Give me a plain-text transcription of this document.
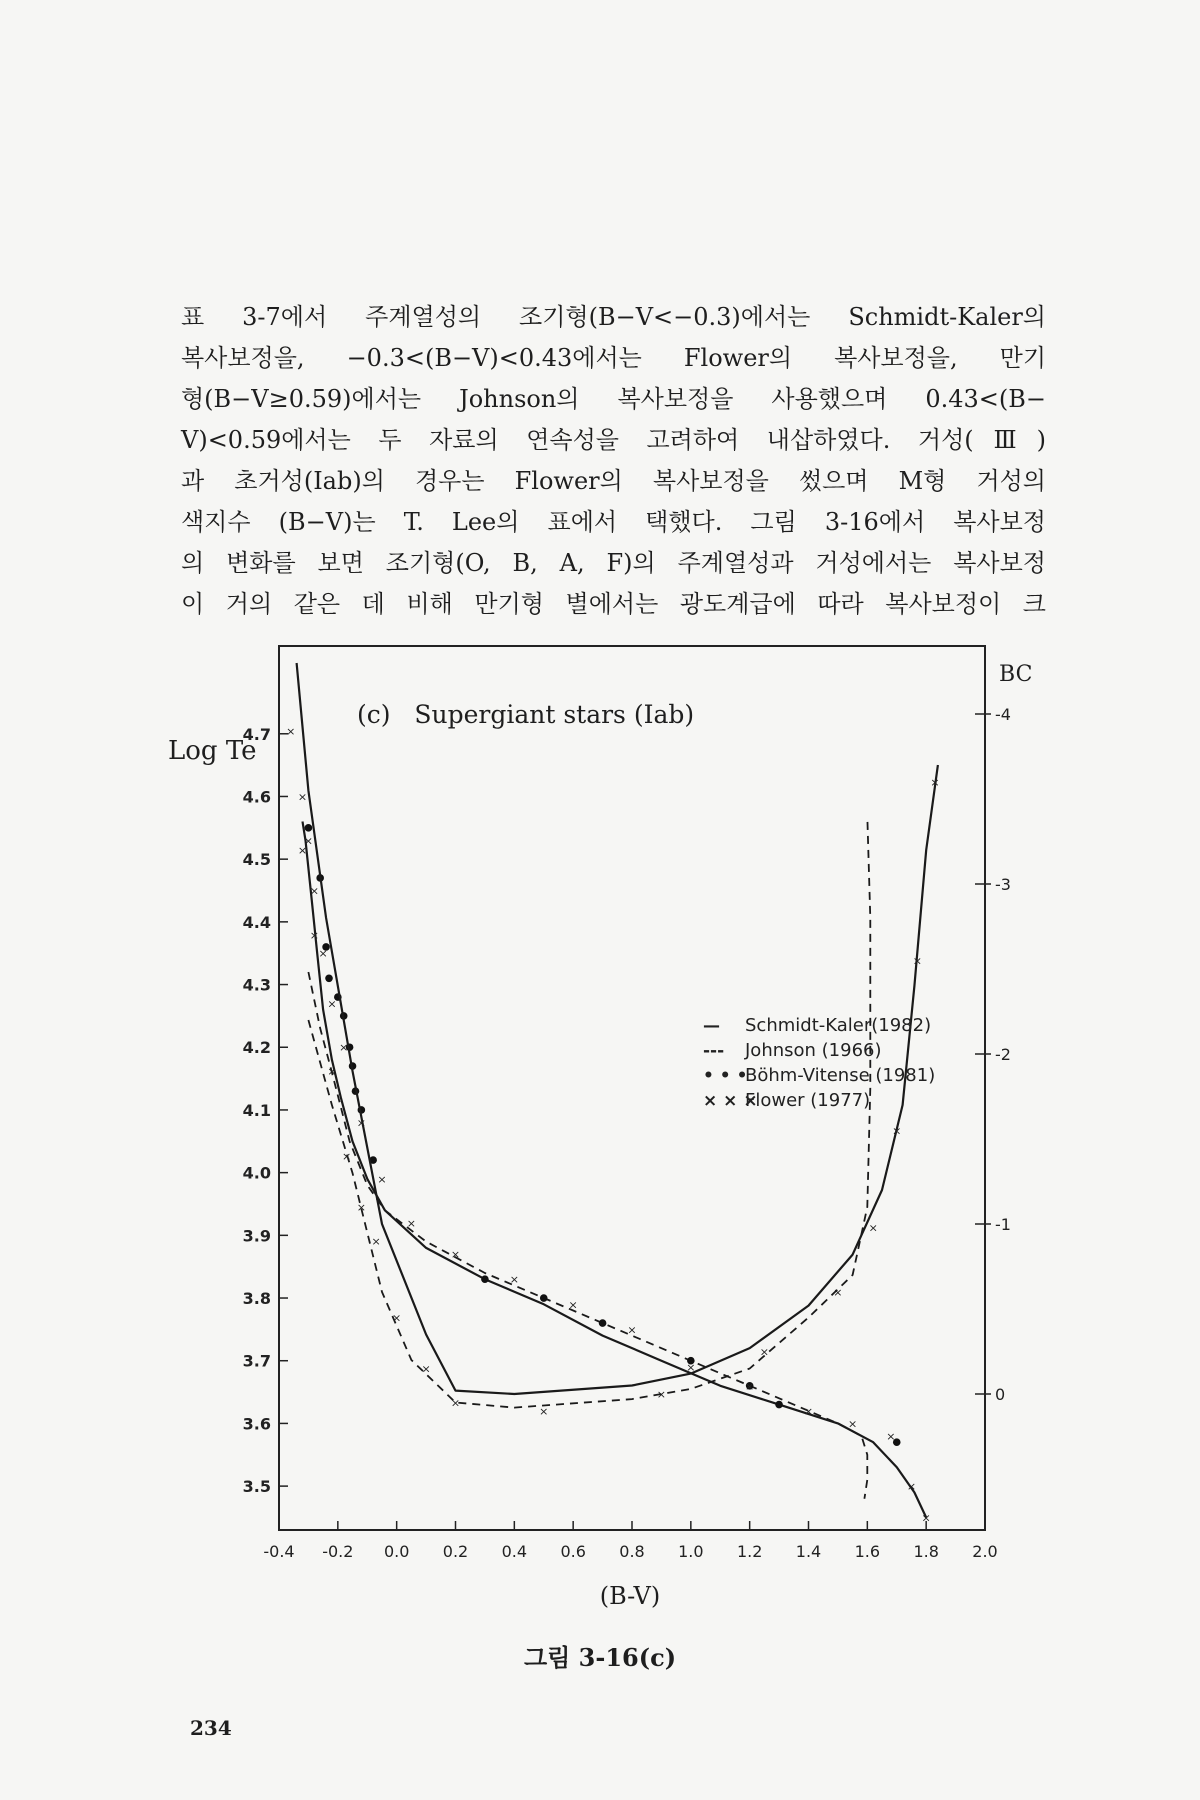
표 3-7에서 주계열성의 조기형(B−V<−0.3)에서는 Schmidt-Kaler의
복사보정을, −0.3<(B−V)<0.43에서는 Flower의 복사보정을, 만기
형(B−V≥0.59)에서는 Johnson의 복사보정을 사용했으며 0.43<(B−
V)<0.59에서는 두 자료의 연속성을 고려하여 내삽하였다. 거성(Ⅲ)
과 초거성(Iab)의 경우는 Flower의 복사보정을 썼으며 M형 거성의
색지수 (B−V)는 T. Lee의 표에서 택했다. 그림 3-16에서 복사보정
의 변화를 보면 조기형(O, B, A, F)의 주계열성과 거성에서는 복사보정
이 거의 같은 데 비해 만기형 별에서는 광도계급에 따라 복사보정이 크
-0.4 -0.2 0.0 0.2 0.4 0.6 0.8 1.0 1.2 1.4 1.6 1.8 2.0
4.7
4.6
4.5
4.4
4.3
4.2
4.1
4.0
3.9
3.8
3.7
3.6
3.5
-4
-3
-2
-1
0
×
×
×
×
×
×
×
×
×
×
×
×
×
×
×
×
×
×
×
×
×
×
×
×
×
×
×
×
×
×
×
×
×
×
×
×
×
×
— Schmidt-Kaler(1982)
--- Johnson (1966)
• • •
Böhm-Vitense (1981)
× × ×
Flower (1977)
Log Te
BC
(c)   Supergiant stars (Iab)
(B-V)
그림 3-16(c)
234
